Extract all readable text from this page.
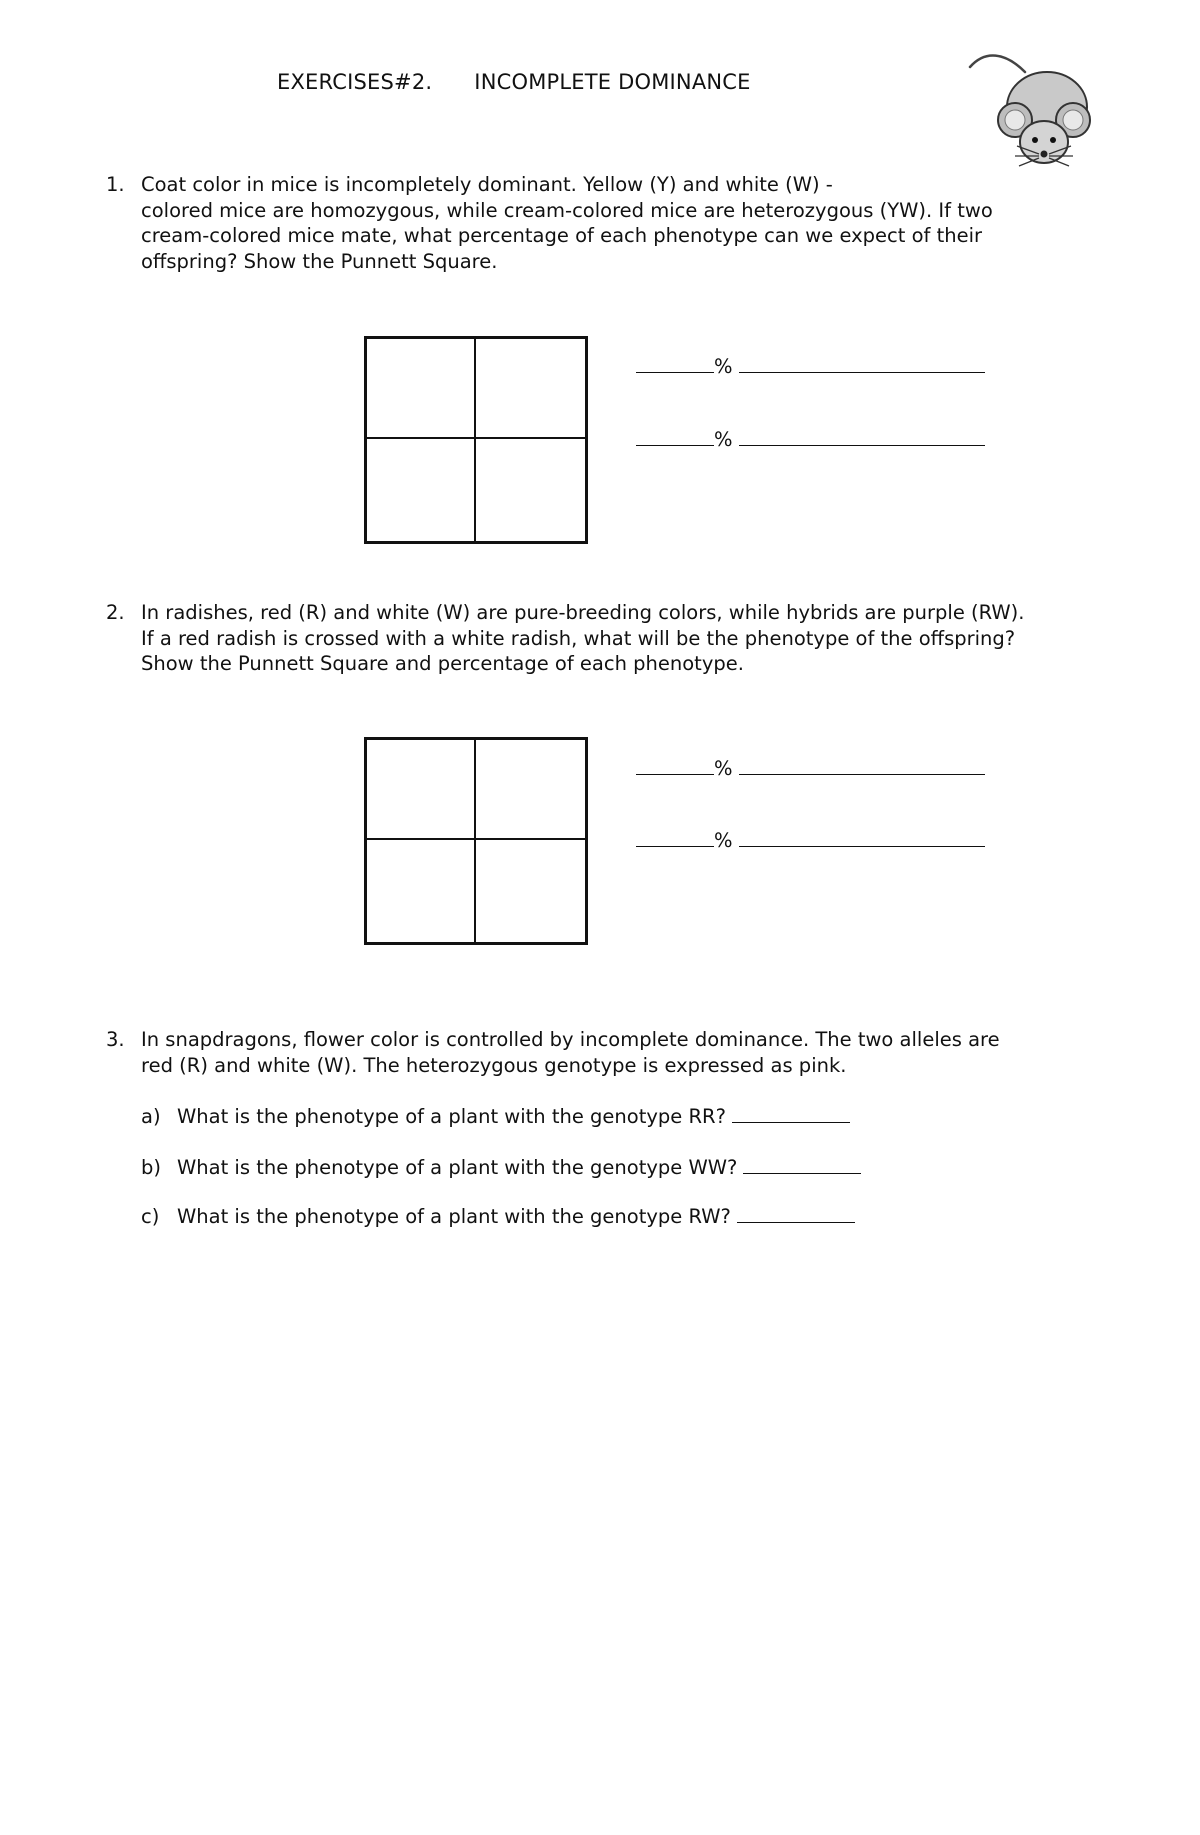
EXERCISES#2. INCOMPLETE DOMINANCE
1. Coat color in mice is incompletely dominant. Yellow (Y) and white (W) -
colored mice are homozygous, while cream-colored mice are heterozygous (YW). If two
cream-colored mice mate, what percentage of each phenotype can we expect of their
offspring? Show the Punnett Square.
%
%
2. In radishes, red (R) and white (W) are pure-breeding colors, while hybrids are purple (RW).
If a red radish is crossed with a white radish, what will be the phenotype of the offspring?
Show the Punnett Square and percentage of each phenotype.
%
%
3. In snapdragons, flower color is controlled by incomplete dominance. The two alleles are
red (R) and white (W). The heterozygous genotype is expressed as pink.
a) What is the phenotype of a plant with the genotype RR?
b) What is the phenotype of a plant with the genotype WW?
c) What is the phenotype of a plant with the genotype RW?
